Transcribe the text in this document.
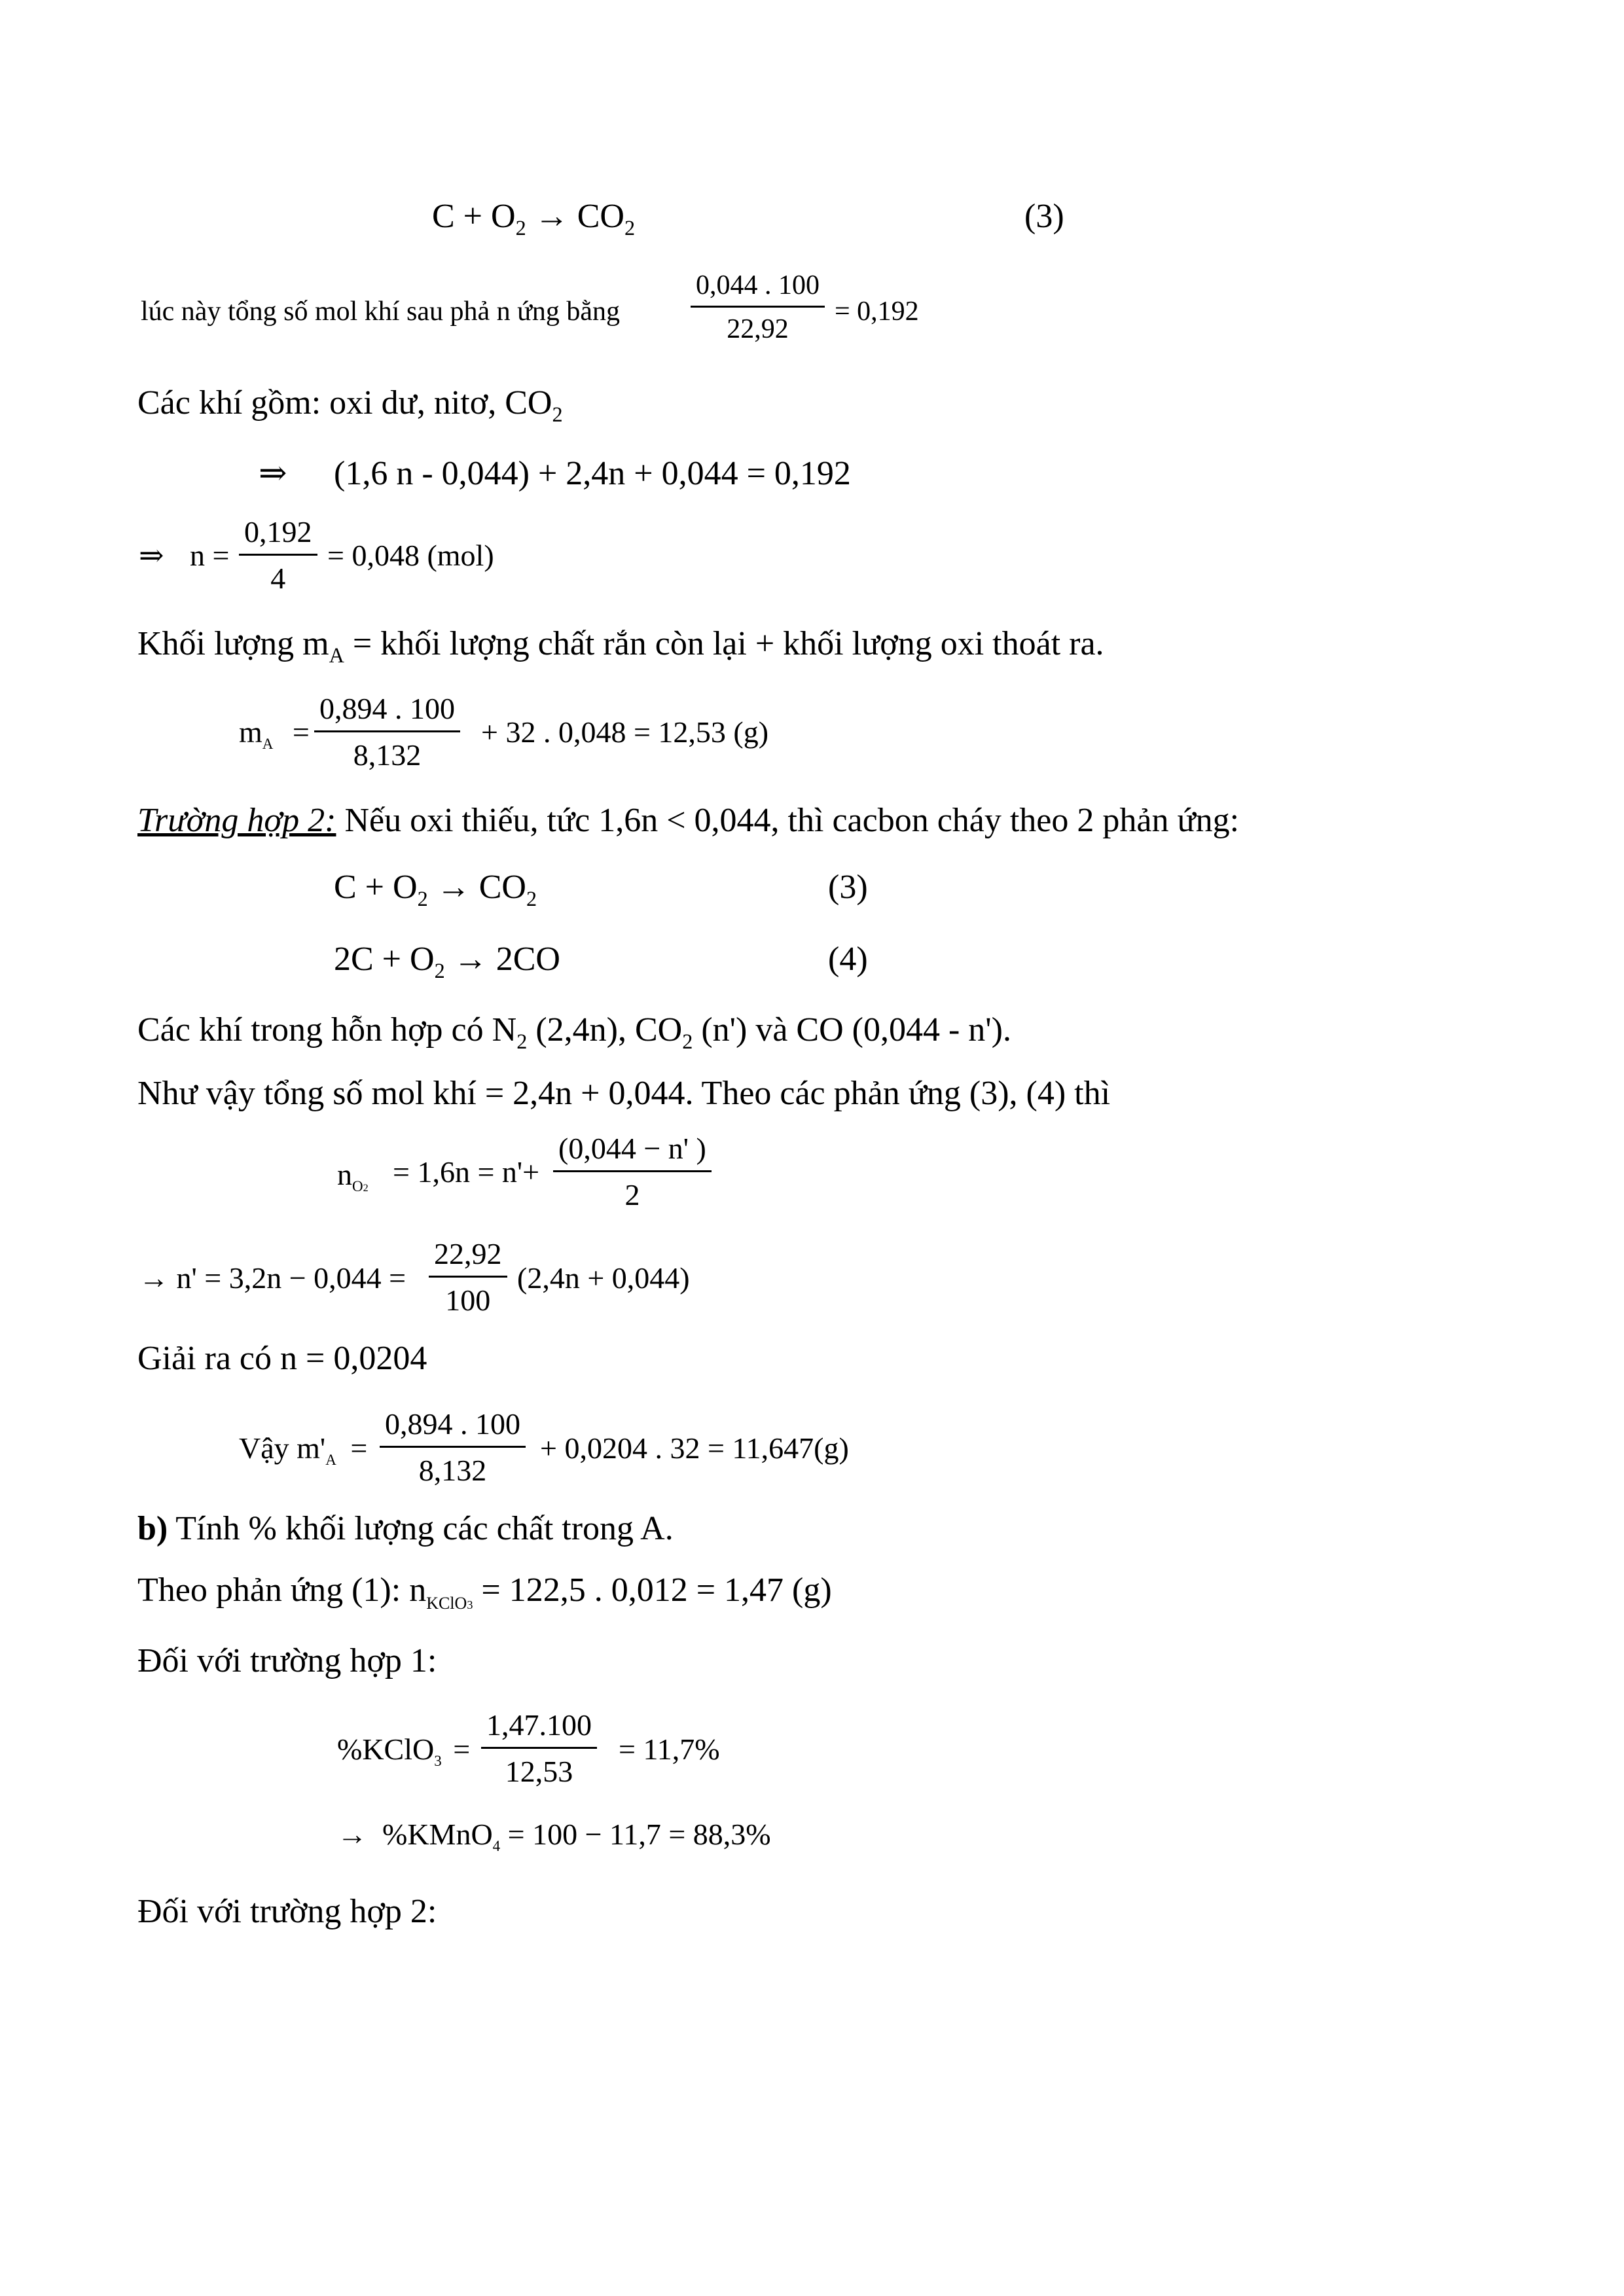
$C + O_2 \to CO_2$	(3)
lúc này tổng số mol khí sau phả n ứng bằng
0,044 . 100
22,92
= 0,192
Các khí gồm: oxi dư, nitơ, $CO_2$
⇒ (1,6 n - 0,044) + 2,4n + 0,044 = 0,192
⇒ n =
0,192
4
= 0,048 (mol)
Khối lượng $m_A$ = khối lượng chất rắn còn lại + khối lượng oxi thoát ra.
$m_A$ =
0,894 . 100
8,132
+ 32 . 0,048 = 12,53 (g)
Trường hợp 2: Nếu oxi thiếu, tức 1,6n < 0,044, thì cacbon cháy theo 2 phản ứng:
$C + O_2 \to CO_2$	(3)
$2C + O_2 \to 2CO$	(4)
Các khí trong hỗn hợp có $N_2$ (2,4n), $CO_2$ (n') và CO (0,044 - n').
Như vậy tổng số mol khí = 2,4n + 0,044. Theo các phản ứng (3), (4) thì
$n_{O2} = 1,6n = n'+$
(0,044 − n' )
2
→ n' = 3,2n − 0,044 =
22,92
100
(2,4n + 0,044)
Giải ra có n = 0,0204
Vậy $m'_A$ =
0,894 . 100
8,132
+ 0,0204 . 32 = 11,647(g)
b) Tính % khối lượng các chất trong A.
Theo phản ứng (1): $n_{KClO3} = 122,5$ . 0,012 = 1,47 (g)
Đối với trường hợp 1:
%KClO$_3$ =
1,47.100
12,53
= 11,7%
→  %KMnO$_4$ = 100 − 11,7 = 88,3%
Đối với trường hợp 2:
